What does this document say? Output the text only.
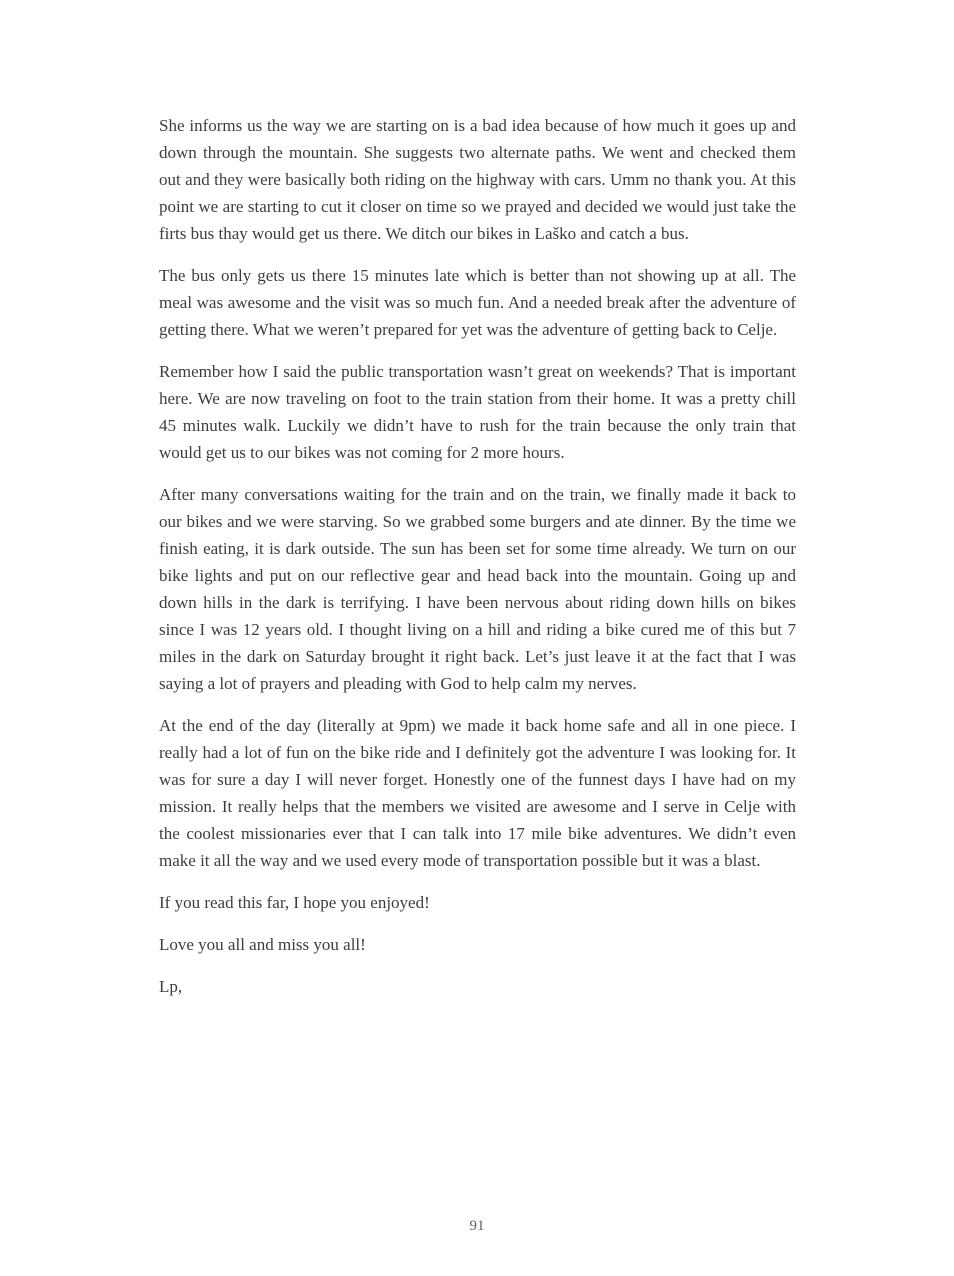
She informs us the way we are starting on is a bad idea because of how much it goes up and down through the mountain. She suggests two alternate paths. We went and checked them out and they were basically both riding on the highway with cars. Umm no thank you. At this point we are starting to cut it closer on time so we prayed and decided we would just take the firts bus thay would get us there. We ditch our bikes in Laško and catch a bus.

The bus only gets us there 15 minutes late which is better than not showing up at all. The meal was awesome and the visit was so much fun. And a needed break after the adventure of getting there. What we weren’t prepared for yet was the adventure of getting back to Celje.

Remember how I said the public transportation wasn’t great on weekends? That is important here. We are now traveling on foot to the train station from their home. It was a pretty chill 45 minutes walk. Luckily we didn’t have to rush for the train because the only train that would get us to our bikes was not coming for 2 more hours.

After many conversations waiting for the train and on the train, we finally made it back to our bikes and we were starving. So we grabbed some burgers and ate dinner. By the time we finish eating, it is dark outside. The sun has been set for some time already. We turn on our bike lights and put on our reflective gear and head back into the mountain. Going up and down hills in the dark is terrifying. I have been nervous about riding down hills on bikes since I was 12 years old. I thought living on a hill and riding a bike cured me of this but 7 miles in the dark on Saturday brought it right back. Let’s just leave it at the fact that I was saying a lot of prayers and pleading with God to help calm my nerves.

At the end of the day (literally at 9pm) we made it back home safe and all in one piece. I really had a lot of fun on the bike ride and I definitely got the adventure I was looking for. It was for sure a day I will never forget. Honestly one of the funnest days I have had on my mission. It really helps that the members we visited are awesome and I serve in Celje with the coolest missionaries ever that I can talk into 17 mile bike adventures. We didn’t even make it all the way and we used every mode of transportation possible but it was a blast.

If you read this far, I hope you enjoyed!

Love you all and miss you all!

Lp,

91
